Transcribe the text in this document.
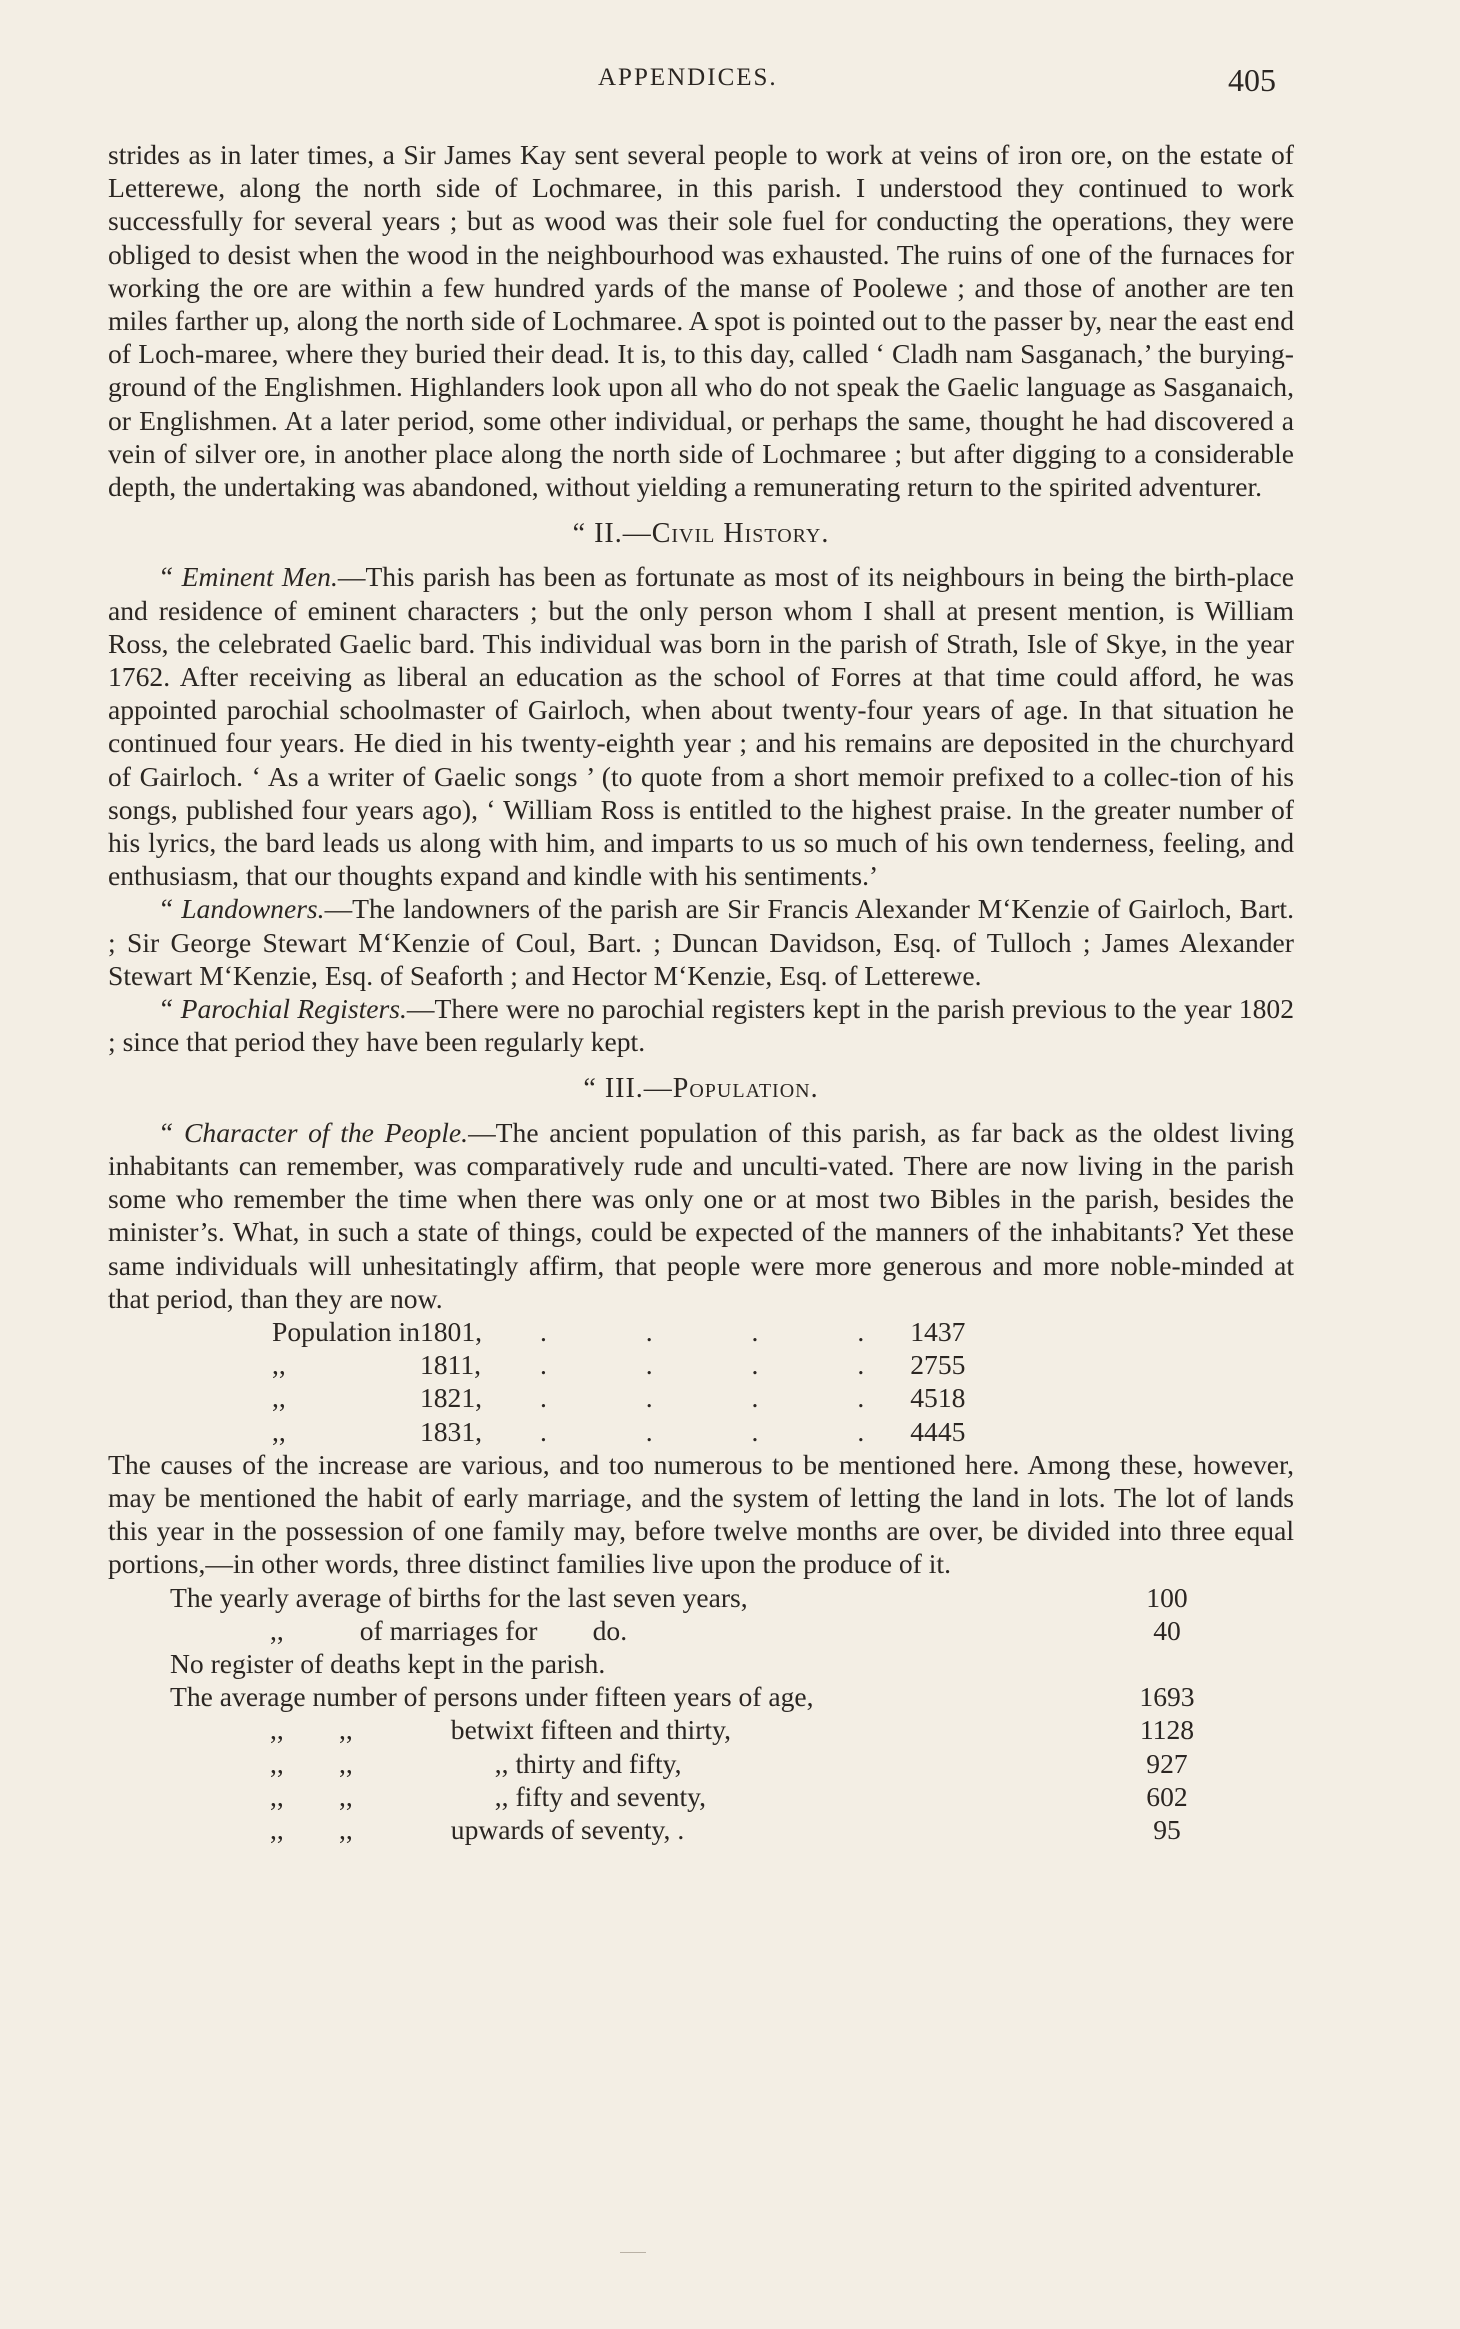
APPENDICES.	405

strides as in later times, a Sir James Kay sent several people to work at veins of iron ore, on the estate of Letterewe, along the north side of Lochmaree, in this parish. I understood they continued to work successfully for several years ; but as wood was their sole fuel for conducting the operations, they were obliged to desist when the wood in the neighbourhood was exhausted. The ruins of one of the furnaces for working the ore are within a few hundred yards of the manse of Poolewe ; and those of another are ten miles farther up, along the north side of Lochmaree. A spot is pointed out to the passer by, near the east end of Loch-maree, where they buried their dead. It is, to this day, called ‘ Cladh nam Sasganach,’ the burying-ground of the Englishmen. Highlanders look upon all who do not speak the Gaelic language as Sasganaich, or Englishmen. At a later period, some other individual, or perhaps the same, thought he had discovered a vein of silver ore, in another place along the north side of Lochmaree ; but after digging to a considerable depth, the undertaking was abandoned, without yielding a remunerating return to the spirited adventurer.

“ II.—Civil History.

“ Eminent Men.—This parish has been as fortunate as most of its neighbours in being the birth-place and residence of eminent characters ; but the only person whom I shall at present mention, is William Ross, the celebrated Gaelic bard. This individual was born in the parish of Strath, Isle of Skye, in the year 1762. After receiving as liberal an education as the school of Forres at that time could afford, he was appointed parochial schoolmaster of Gairloch, when about twenty-four years of age. In that situation he continued four years. He died in his twenty-eighth year ; and his remains are deposited in the churchyard of Gairloch. ‘ As a writer of Gaelic songs ’ (to quote from a short memoir prefixed to a collec-tion of his songs, published four years ago), ‘ William Ross is entitled to the highest praise. In the greater number of his lyrics, the bard leads us along with him, and imparts to us so much of his own tenderness, feeling, and enthusiasm, that our thoughts expand and kindle with his sentiments.’

“ Landowners.—The landowners of the parish are Sir Francis Alexander M‘Kenzie of Gairloch, Bart. ; Sir George Stewart M‘Kenzie of Coul, Bart. ; Duncan Davidson, Esq. of Tulloch ; James Alexander Stewart M‘Kenzie, Esq. of Seaforth ; and Hector M‘Kenzie, Esq. of Letterewe.

“ Parochial Registers.—There were no parochial registers kept in the parish previous to the year 1802 ; since that period they have been regularly kept.

“ III.—Population.

“ Character of the People.—The ancient population of this parish, as far back as the oldest living inhabitants can remember, was comparatively rude and unculti-vated. There are now living in the parish some who remember the time when there was only one or at most two Bibles in the parish, besides the minister’s. What, in such a state of things, could be expected of the manners of the inhabitants? Yet these same individuals will unhesitatingly affirm, that people were more generous and more noble-minded at that period, than they are now.

Population in	1801,	. . . .	1437
,,	1811,	. . . .	2755
,,	1821,	. . . .	4518
,,	1831,	. . . .	4445

The causes of the increase are various, and too numerous to be mentioned here. Among these, however, may be mentioned the habit of early marriage, and the system of letting the land in lots. The lot of lands this year in the possession of one family may, before twelve months are over, be divided into three equal portions,—in other words, three distinct families live upon the produce of it.

The yearly average of births for the last seven years,	100
,, of marriages for do.	40
No register of deaths kept in the parish.	
The average number of persons under fifteen years of age,	1693
,,        ,, betwixt fifteen and thirty,	1128
,,        ,, ,, thirty and fifty,	927
,,        ,, ,, fifty and seventy,	602
,,        ,, upwards of seventy, .	95
